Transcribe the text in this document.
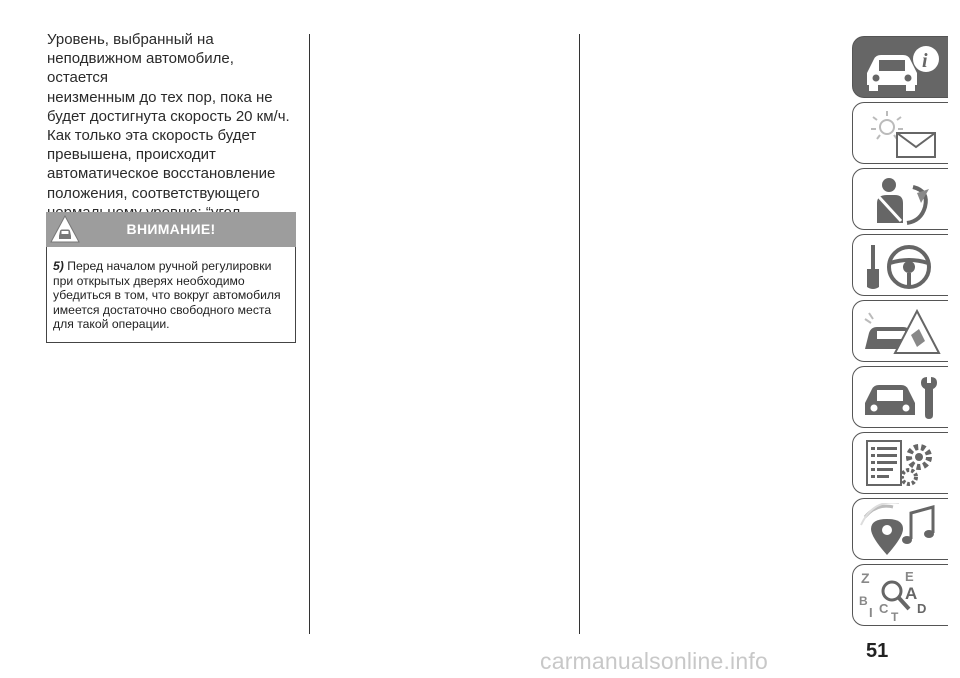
Уровень, выбранный на

неподвижном автомобиле, остается

неизменным до тех пор, пока не

будет достигнута скорость 20 км/ч.

Как только эта скорость будет

превышена, происходит

автоматическое восстановление

положения, соответствующего

ВНИМАНИЕ!
5) Перед началом ручной регулировки при открытых дверях необходимо убедиться в том, что вокруг автомобиля имеется достаточно свободного места для такой операции.
i
Z	E
A
B C D
T
I
51
carmanualsonline.info
